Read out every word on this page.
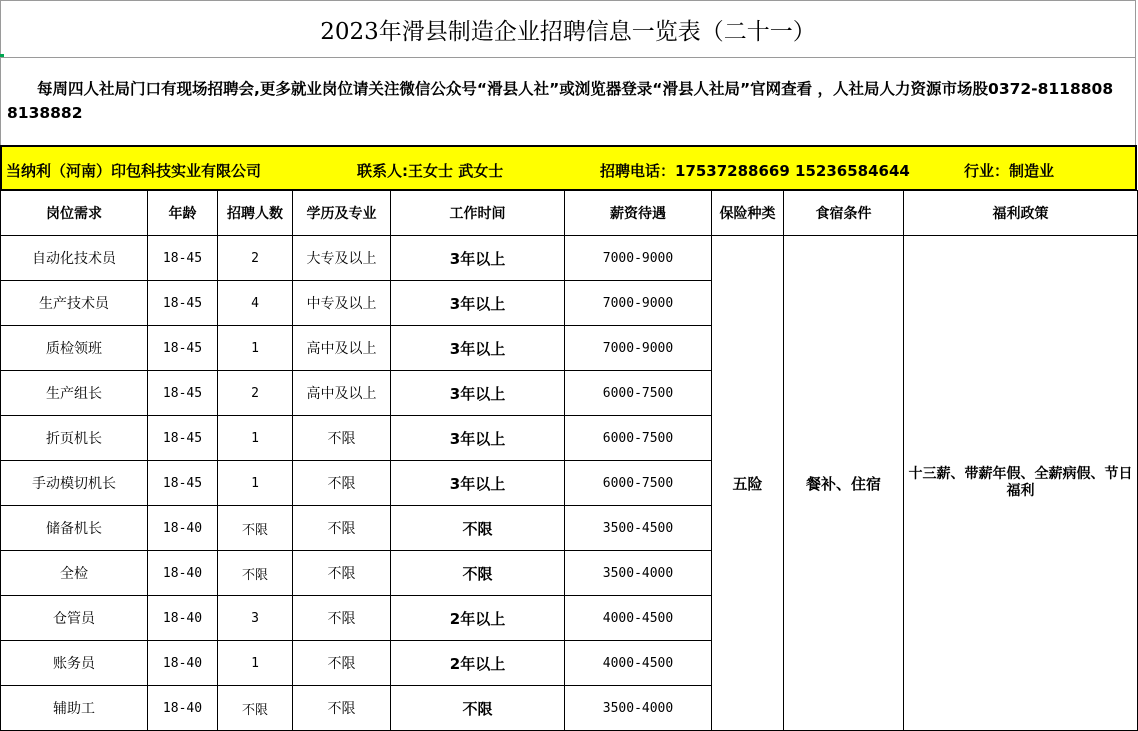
2023年滑县制造企业招聘信息一览表（二十一）
每周四人社局门口有现场招聘会,更多就业岗位请关注微信公众号“滑县人社”或浏览器登录“滑县人社局”官网查看 ，人社局人力资源市场股0372-8118808 8138882
当纳利（河南）印包科技实业有限公司	联系人:王女士 武女士	招聘电话：17537288669 15236584644	行业：制造业
岗位需求	年龄	招聘人数	学历及专业	工作时间	薪资待遇	保险种类	食宿条件	福利政策
自动化技术员	18-45	2	大专及以上	3年以上	7000-9000	五险	餐补、住宿	十三薪、带薪年假、全薪病假、节日福利
生产技术员	18-45	4	中专及以上	3年以上	7000-9000			
质检领班	18-45	1	高中及以上	3年以上	7000-9000			
生产组长	18-45	2	高中及以上	3年以上	6000-7500			
折页机长	18-45	1	不限	3年以上	6000-7500			
手动模切机长	18-45	1	不限	3年以上	6000-7500			
储备机长	18-40	不限	不限	不限	3500-4500			
全检	18-40	不限	不限	不限	3500-4000			
仓管员	18-40	3	不限	2年以上	4000-4500			
账务员	18-40	1	不限	2年以上	4000-4500			
辅助工	18-40	不限	不限	不限	3500-4000			
